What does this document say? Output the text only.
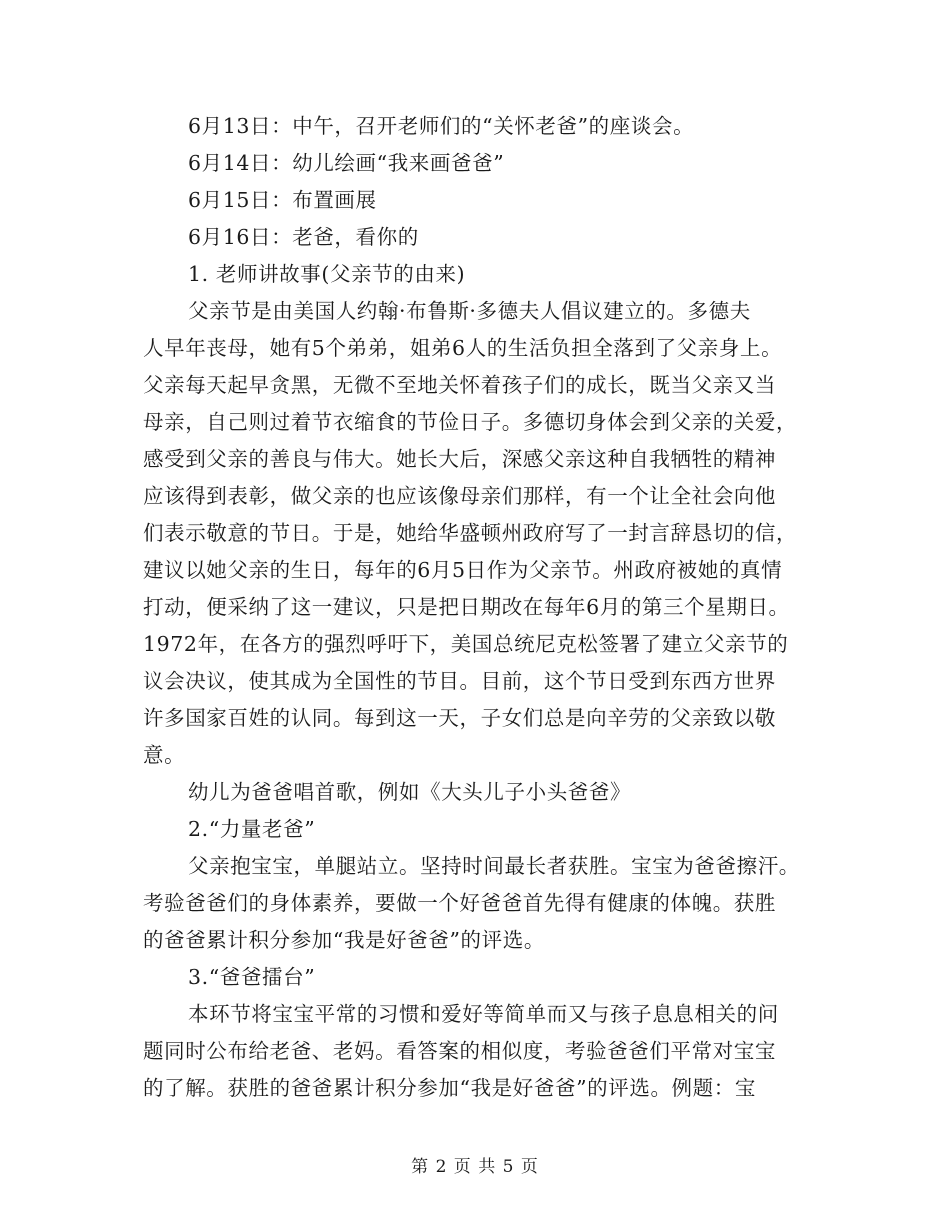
6月13日：中午，召开老师们的“关怀老爸”的座谈会。
6月14日：幼儿绘画“我来画爸爸”
6月15日：布置画展
6月16日：老爸，看你的
1. 老师讲故事(父亲节的由来)
父亲节是由美国人约翰·布鲁斯·多德夫人倡议建立的。多德夫
人早年丧母，她有5个弟弟，姐弟6人的生活负担全落到了父亲身上。
父亲每天起早贪黑，无微不至地关怀着孩子们的成长，既当父亲又当
母亲，自己则过着节衣缩食的节俭日子。多德切身体会到父亲的关爱，
感受到父亲的善良与伟大。她长大后，深感父亲这种自我牺牲的精神
应该得到表彰，做父亲的也应该像母亲们那样，有一个让全社会向他
们表示敬意的节日。于是，她给华盛顿州政府写了一封言辞恳切的信，
建议以她父亲的生日，每年的6月5日作为父亲节。州政府被她的真情
打动，便采纳了这一建议，只是把日期改在每年6月的第三个星期日。
1972年，在各方的强烈呼吁下，美国总统尼克松签署了建立父亲节的
议会决议，使其成为全国性的节目。目前，这个节日受到东西方世界
许多国家百姓的认同。每到这一天，子女们总是向辛劳的父亲致以敬
意。
幼儿为爸爸唱首歌，例如《大头儿子小头爸爸》
2.“力量老爸”
父亲抱宝宝，单腿站立。坚持时间最长者获胜。宝宝为爸爸擦汗。
考验爸爸们的身体素养，要做一个好爸爸首先得有健康的体魄。获胜
的爸爸累计积分参加“我是好爸爸”的评选。
3.“爸爸擂台”
本环节将宝宝平常的习惯和爱好等简单而又与孩子息息相关的问
题同时公布给老爸、老妈。看答案的相似度，考验爸爸们平常对宝宝
的了解。获胜的爸爸累计积分参加“我是好爸爸”的评选。例题：宝
第 2 页 共 5 页
